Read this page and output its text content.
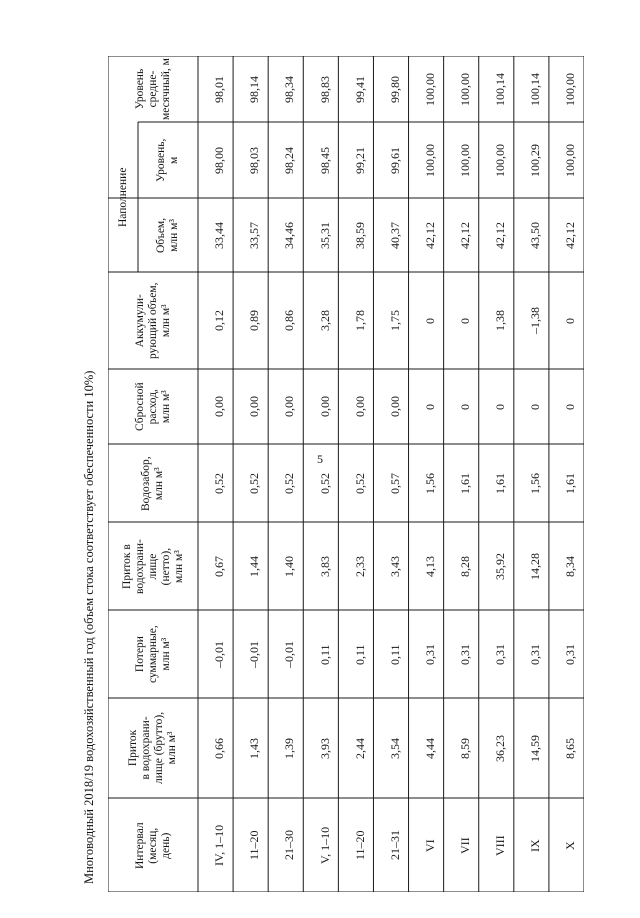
5
Многоводный 2018/19 водохозяйственный год (объем стока соответствует обеспеченности 10%)	Интервал (месяц, день)
Приток в водохрани- лище (брутто), млн м³
Потери суммарные, млн м³
Приток в водохрани- лище (нетто), млн м³
Водозабор, млн м³
Сбросной расход, млн м³
Аккумули- рующий объем, млн м³
Объем, млн м³
Уровень, м
Уровень средне- месячный, м
Наполнение
IV, 1–10
0,66
–0,01
0,67
0,52
0,00
0,12
33,44
98,00
98,01
11–20
1,43
–0,01
1,44
0,52
0,00
0,89
33,57
98,03
98,14
21–30
1,39
–0,01
1,40
0,52
0,00
0,86
34,46
98,24
98,34
V, 1–10
3,93
0,11
3,83
0,52
0,00
3,28
35,31
98,45
98,83
11–20
2,44
0,11
2,33
0,52
0,00
1,78
38,59
99,21
99,41
21–31
3,54
0,11
3,43
0,57
0,00
1,75
40,37
99,61
99,80
VI
4,44
0,31
4,13
1,56
0
0
42,12
100,00
100,00
VII
8,59
0,31
8,28
1,61
0
0
42,12
100,00
100,00
VIII
36,23
0,31
35,92
1,61
0
1,38
42,12
100,00
100,14
IX
14,59
0,31
14,28
1,56
0
–1,38
43,50
100,29
100,14
X
8,65
0,31
8,34
1,61
0
0
42,12
100,00
100,00
